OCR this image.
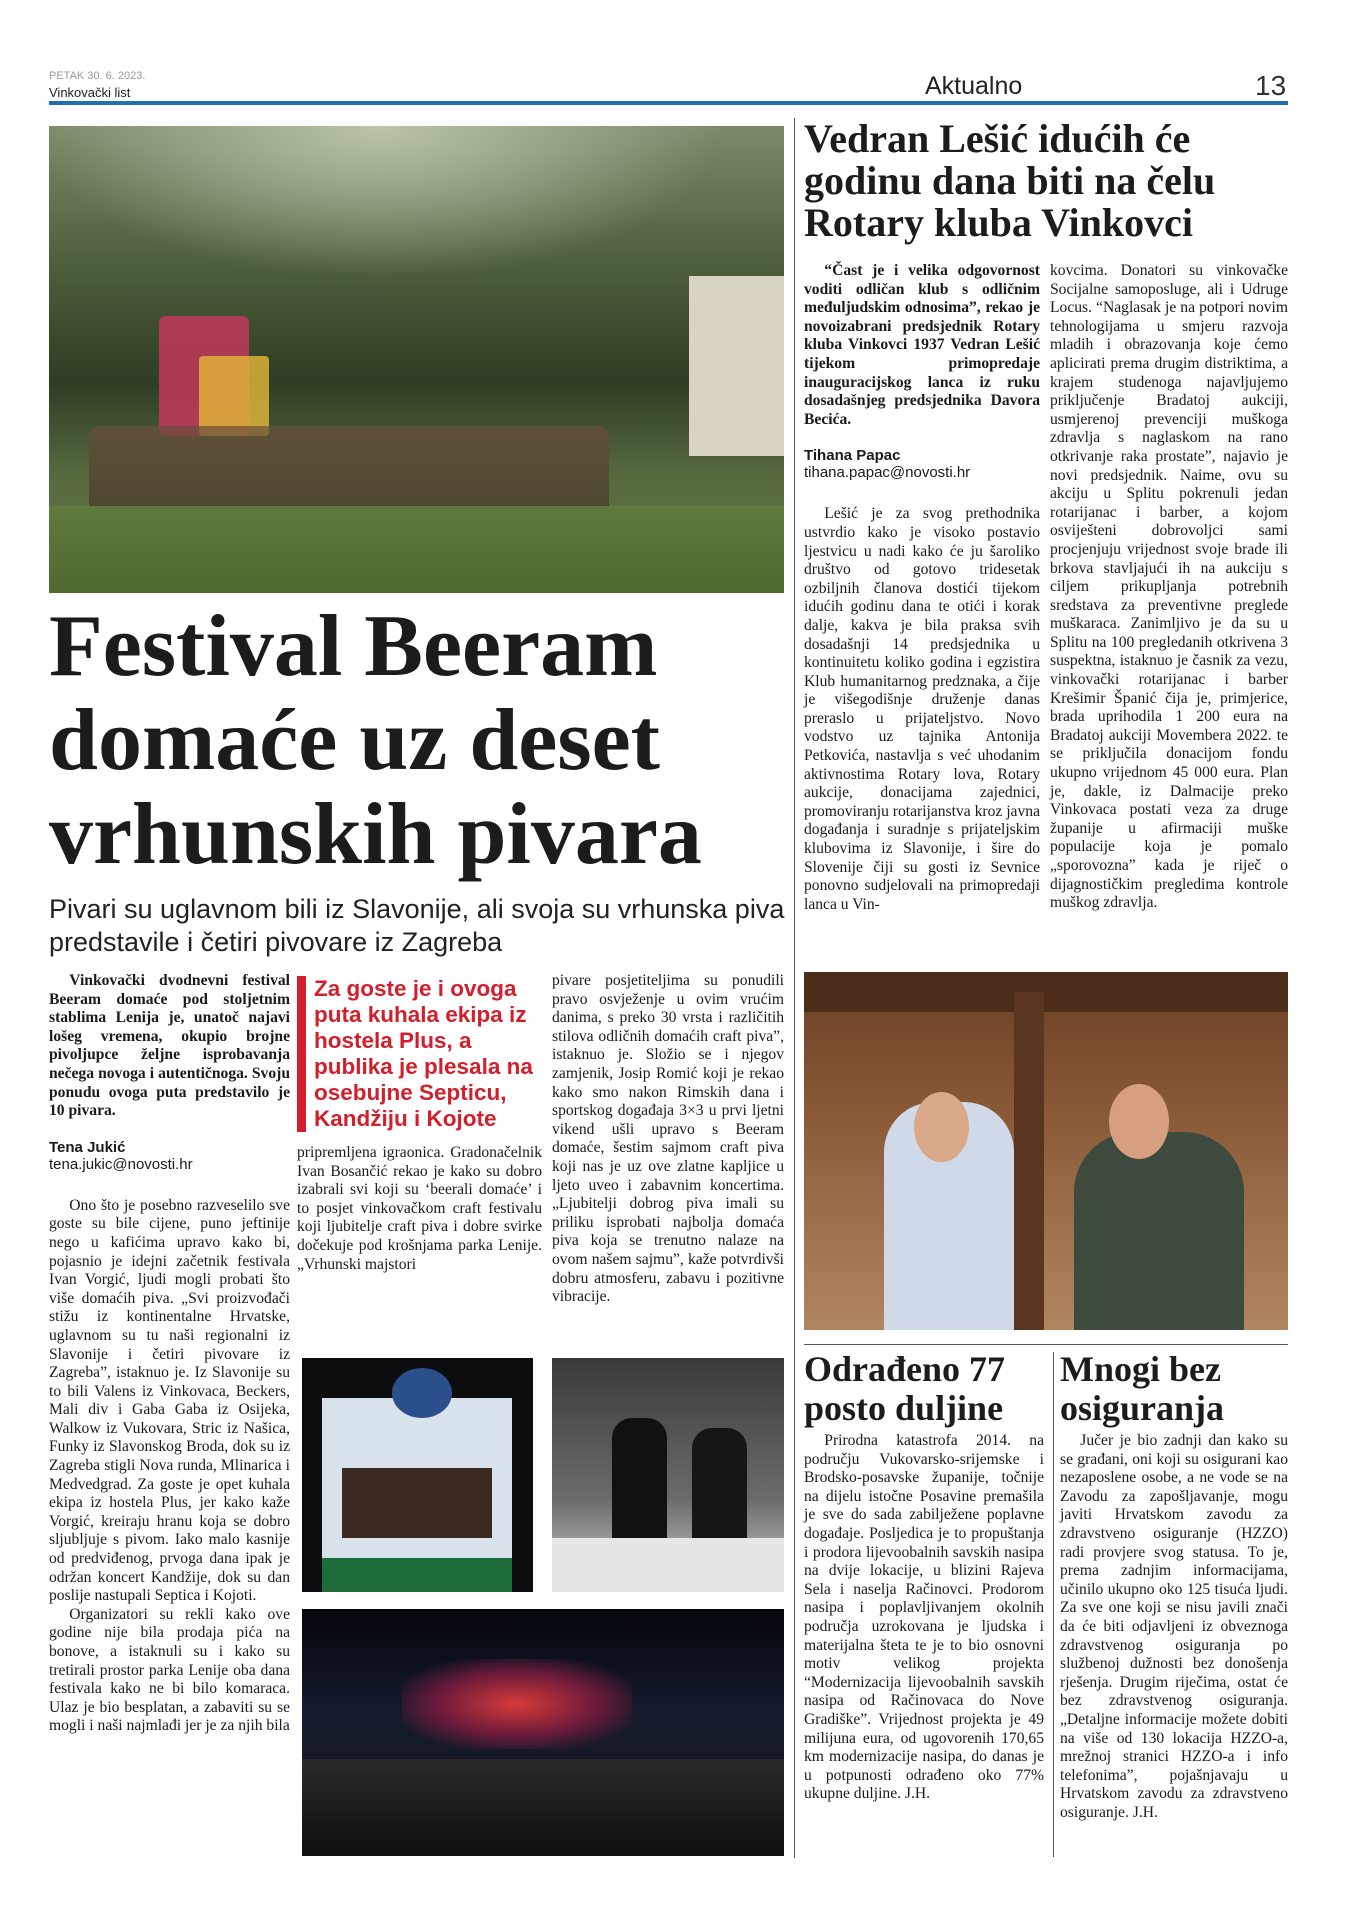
PETAK 30. 6. 2023.
Vinkovački list	Aktualno	13
Festival Beeram
domaće uz deset
vrhunskih pivara
Pivari su uglavnom bili iz Slavonije, ali svoja su vrhunska piva predstavile i četiri pivovare iz Zagreba
Vinkovački dvodnevni festival Beeram domaće pod stoljetnim stablima Lenija je, unatoč najavi lošeg vremena, okupio brojne pivoljupce željne isprobavanja nečega novoga i autentičnoga. Svoju ponudu ovoga puta predstavilo je 10 pivara.
Tena Jukić
tena.jukic@novosti.hr

Ono što je posebno razveselilo sve goste su bile cijene, puno jeftinije nego u kafićima upravo kako bi, pojasnio je idejni začetnik festivala Ivan Vorgić, ljudi mogli probati što više domaćih piva. „Svi proizvođači stižu iz kontinentalne Hrvatske, uglavnom su tu naši regionalni iz Slavonije i četiri pivovare iz Zagreba”, istaknuo je. Iz Slavonije su to bili Valens iz Vinkovaca, Beckers, Mali div i Gaba Gaba iz Osijeka, Walkow iz Vukovara, Stric iz Našica, Funky iz Slavonskog Broda, dok su iz Zagreba stigli Nova runda, Mlinarica i Medvedgrad. Za goste je opet kuhala ekipa iz hostela Plus, jer kako kaže Vorgić, kreiraju hranu koja se dobro sljubljuje s pivom. Iako malo kasnije od predviđenog, prvoga dana ipak je održan koncert Kandžije, dok su dan poslije nastupali Septica i Kojoti.

Organizatori su rekli kako ove godine nije bila prodaja pića na bonove, a istaknuli su i kako su tretirali prostor parka Lenije oba dana festivala kako ne bi bilo komaraca. Ulaz je bio besplatan, a zabaviti su se mogli i naši najmlađi jer je za njih bila

Za goste je i ovoga puta kuhala ekipa iz hostela Plus, a publika je plesala na osebujne Septicu, Kandžiju i Kojote
pripremljena igraonica. Gradonačelnik Ivan Bosančić rekao je kako su dobro izabrali svi koji su ‘beerali domaće’ i to posjet vinkovačkom craft festivalu koji ljubitelje craft piva i dobre svirke dočekuje pod krošnjama parka Lenije. „Vrhunski majstori
pivare posjetiteljima su ponudili pravo osvježenje u ovim vrućim danima, s preko 30 vrsta i različitih stilova odličnih domaćih craft piva”, istaknuo je. Složio se i njegov zamjenik, Josip Romić koji je rekao kako smo nakon Rimskih dana i sportskog događaja 3×3 u prvi ljetni vikend ušli upravo s Beeram domaće, šestim sajmom craft piva koji nas je uz ove zlatne kapljice u ljeto uveo i zabavnim koncertima. „Ljubitelji dobrog piva imali su priliku isprobati najbolja domaća piva koja se trenutno nalaze na ovom našem sajmu”, kaže potvrdivši dobru atmosferu, zabavu i pozitivne vibracije.
Vedran Lešić idućih će godinu dana biti na čelu Rotary kluba Vinkovci
“Čast je i velika odgovornost voditi odličan klub s odličnim međuljudskim odnosima”, rekao je novoizabrani predsjednik Rotary kluba Vinkovci 1937 Vedran Lešić tijekom primopredaje inauguracijskog lanca iz ruku dosadašnjeg predsjednika Davora Becića.
Tihana Papac
tihana.papac@novosti.hr

Lešić je za svog prethodnika ustvrdio kako je visoko postavio ljestvicu u nadi kako će ju šaroliko društvo od gotovo tridesetak ozbiljnih članova dostići tijekom idućih godinu dana te otići i korak dalje, kakva je bila praksa svih dosadašnji 14 predsjednika u kontinuitetu koliko godina i egzistira Klub humanitarnog predznaka, a čije je višegodišnje druženje danas preraslo u prijateljstvo. Novo vodstvo uz tajnika Antonija Petkovića, nastavlja s već uhodanim aktivnostima Rotary lova, Rotary aukcije, donacijama zajednici, promoviranju rotarijanstva kroz javna događanja i suradnje s prijateljskim klubovima iz Slavonije, i šire do Slovenije čiji su gosti iz Sevnice ponovno sudjelovali na primopredaji lanca u Vin-

kovcima. Donatori su vinkovačke Socijalne samoposluge, ali i Udruge Locus. “Naglasak je na potpori novim tehnologijama u smjeru razvoja mladih i obrazovanja koje ćemo aplicirati prema drugim distriktima, a krajem studenoga najavljujemo priključenje Bradatoj aukciji, usmjerenoj prevenciji muškoga zdravlja s naglaskom na rano otkrivanje raka prostate”, najavio je novi predsjednik. Naime, ovu su akciju u Splitu pokrenuli jedan rotarijanac i barber, a kojom osviješteni dobrovoljci sami procjenjuju vrijednost svoje brade ili brkova stavljajući ih na aukciju s ciljem prikupljanja potrebnih sredstava za preventivne preglede muškaraca. Zanimljivo je da su u Splitu na 100 pregledanih otkrivena 3 suspektna, istaknuo je časnik za vezu, vinkovački rotarijanac i barber Krešimir Španić čija je, primjerice, brada uprihodila 1 200 eura na Bradatoj aukciji Movembera 2022. te se priključila donacijom fondu ukupno vrijednom 45 000 eura. Plan je, dakle, iz Dalmacije preko Vinkovaca postati veza za druge županije u afirmaciji muške populacije koja je pomalo „sporovozna” kada je riječ o dijagnostičkim pregledima kontrole muškog zdravlja.
Odrađeno 77 posto duljine

Prirodna katastrofa 2014. na području Vukovarsko-srijemske i Brodsko-posavske županije, točnije na dijelu istočne Posavine premašila je sve do sada zabilježene poplavne događaje. Posljedica je to propuštanja i prodora lijevoobalnih savskih nasipa na dvije lokacije, u blizini Rajeva Sela i naselja Račinovci. Prodorom nasipa i poplavljivanjem okolnih područja uzrokovana je ljudska i materijalna šteta te je to bio osnovni motiv velikog projekta “Modernizacija lijevoobalnih savskih nasipa od Račinovaca do Nove Gradiške”. Vrijednost projekta je 49 milijuna eura, od ugovorenih 170,65 km modernizacije nasipa, do danas je u potpunosti odrađeno oko 77% ukupne duljine. J.H.

Mnogi bez osiguranja

Jučer je bio zadnji dan kako su se građani, oni koji su osigurani kao nezaposlene osobe, a ne vode se na Zavodu za zapošljavanje, mogu javiti Hrvatskom zavodu za zdravstveno osiguranje (HZZO) radi provjere svog statusa. To je, prema zadnjim informacijama, učinilo ukupno oko 125 tisuća ljudi. Za sve one koji se nisu javili znači da će biti odjavljeni iz obveznoga zdravstvenog osiguranja po službenoj dužnosti bez donošenja rješenja. Drugim riječima, ostat će bez zdravstvenog osiguranja. „Detaljne informacije možete dobiti na više od 130 lokacija HZZO-a, mrežnoj stranici HZZO-a i info telefonima”, pojašnjavaju u Hrvatskom zavodu za zdravstveno osiguranje. J.H.
